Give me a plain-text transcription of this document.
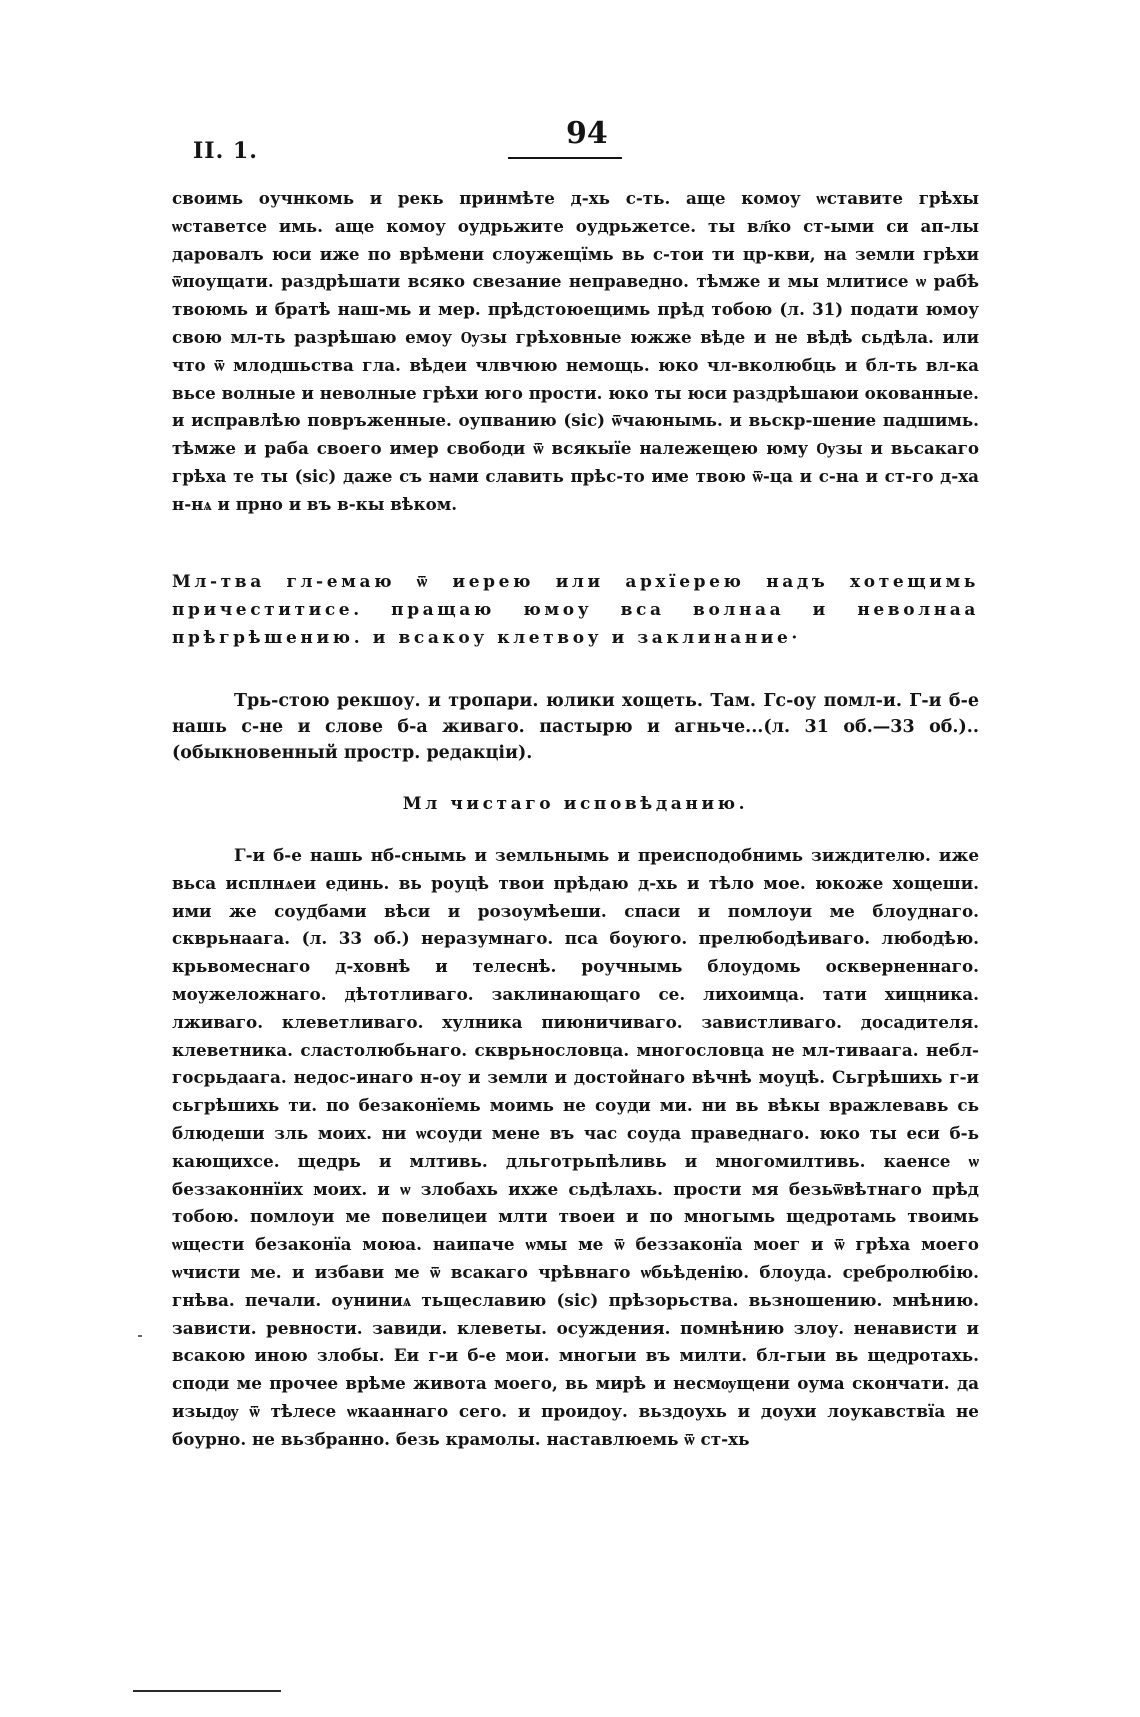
II. 1.	94

своимь оучнкомь и рекь принмѣте д-хь с-ть. аще комоу ѡставите грѣхы ѡставетсе имь. аще комоу оудрьжите оудрьжетсе. ты вл҃ко ст-ыми си ап-лы даровалъ юси иже по врѣмени слоужещїмь вь с-тои ти цр-кви, на земли грѣхи ѿпоущати. раздрѣшати всяко свезание неправедно. тѣмже и мы млитисе ѡ рабѣ твоюмь и братѣ наш-мь и мер. прѣдстоюещимь прѣд тобою (л. 31) подати юмоу свою мл-ть разрѣшаю емоу Ѹзы грѣховные южже вѣде и не вѣдѣ сьдѣла. или что ѿ млодшьства гла. вѣдеи члвчюю немощь. юко чл-вколюбць и бл-ть вл-ка вьсе волные и неволные грѣхи юго прости. юко ты юси раздрѣшаюи окованные. и исправлѣю повръженные. оупванию (sic) ѿчаюнымь. и вьскр-шение падшимь. тѣмже и раба своего имер свободи ѿ всякыїе належещею юму Ѹзы и вьсакаго грѣха те ты (sic) даже съ нами славить прѣс-то име твою ѿ-ца и с-на и ст-го д-ха н-нѧ и прно и въ в-кы вѣком.

Мл-тва гл-емаю ѿ иерею или архїерею надъ хотещимь причеститисе. пращаю юмоу вса волнаа и неволнаа прѣгрѣшению. и всакоу клетвоу и заклинание·

Трь-стою рекшоу. и тропари. юлики хощеть. Там. Гс-оу помл-и. Г-и б-е нашь с-не и слове б-а живаго. пастырю и агньче...(л. 31 об.—33 об.).. (обыкновенный простр. редакціи).

Мл чистаго исповѣданию.

Г-и б-е нашь нб-снымь и земльнымь и преисподобнимь зиждителю. иже вьса исплнѧеи единь. вь роуцѣ твои прѣдаю д-хь и тѣло мое. юкоже хощеши. ими же соудбами вѣси и розоумѣеши. спаси и помлоуи ме блоуднаго. скврьнаага. (л. 33 об.) неразумнаго. пса боуюго. прелюбодѣиваго. любодѣю. крьвомеснаго д-ховнѣ и телеснѣ. роучнымь блоудомь оскверненнаго. моужеложнаго. дѣтотливаго. заклинающаго се. лихоимца. тати хищника. лживаго. клеветливаго. хулника пиюничиваго. завистливаго. досадителя. клеветника. сластолюбьнаго. скврьнословца. многословца не мл-тиваага. небл-госрьдаага. недос-инаго н-оу и земли и достойнаго вѣчнѣ моуцѣ. Сьгрѣшихь г-и сьгрѣшихь ти. по безаконїемь моимь не соуди ми. ни вь вѣкы вражлевавь сь блюдеши зль моих. ни ѡсоуди мене въ час соуда праведнаго. юко ты еси б-ь кающихсе. щедрь и млтивь. дльготрьпѣливь и многомилтивь. каенсе ѡ беззаконнїих моих. и ѡ злобахь ихже сьдѣлахь. прости мя безьѿвѣтнаго прѣд тобою. помлоуи ме повелицеи млти твоеи и по многымь щедротамь твоимь ѡщести безаконїа моюа. наипаче ѡмы ме ѿ беззаконїа моег и ѿ грѣха моего ѡчисти ме. и избави ме ѿ всакаго чрѣвнаго ѡбьѣденію. блоуда. сребролюбію. гнѣва. печали. оуниниѧ тьщеславию (sic) прѣзорьства. вьзношению. мнѣнию. зависти. ревности. завиди. клеветы. осуждения. помнѣнию злоу. ненависти и всакою иною злобы. Еи г-и б-е мои. многыи въ милти. бл-гыи вь щедротахь. споди ме прочее врѣме живота моего, вь мирѣ и несмѹщени оума скончати. да изыдѹ ѿ тѣлесе ѡкааннаго сего. и проидоу. вьздоухь и доухи лоукавствїа не боурно. не вьзбранно. безь крамолы. наставлюемь ѿ ст-хь
